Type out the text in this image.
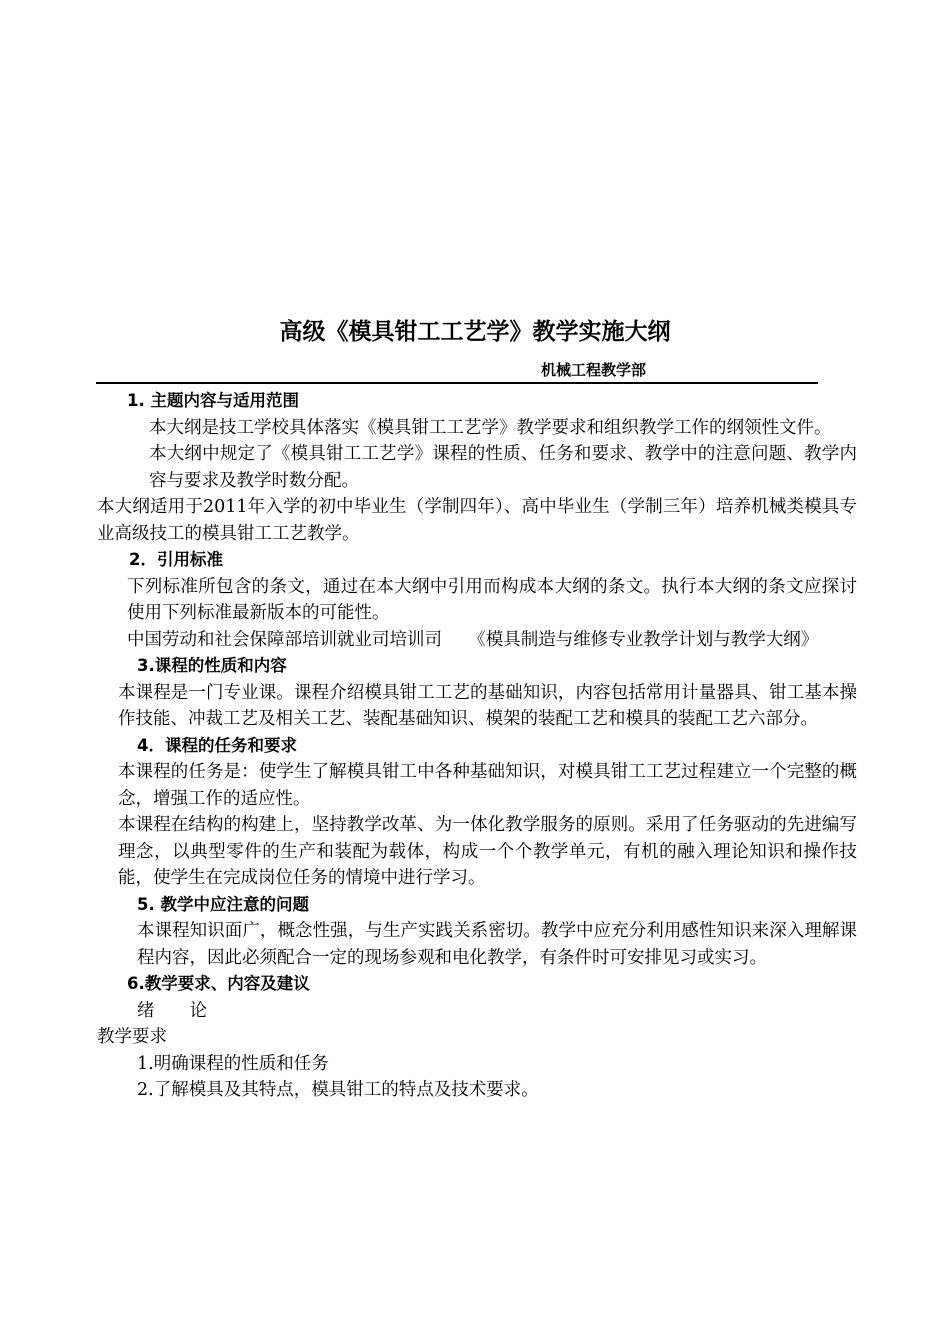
高级《模具钳工工艺学》教学实施大纲
机械工程教学部

1. 主题内容与适用范围

本大纲是技工学校具体落实《模具钳工工艺学》教学要求和组织教学工作的纲领性文件。

本大纲中规定了《模具钳工工艺学》课程的性质、任务和要求、教学中的注意问题、教学内容与要求及教学时数分配。

本大纲适用于2011年入学的初中毕业生（学制四年）、高中毕业生（学制三年）培养机械类模具专业高级技工的模具钳工工艺教学。

2．引用标准

下列标准所包含的条文，通过在本大纲中引用而构成本大纲的条文。执行本大纲的条文应探讨使用下列标准最新版本的可能性。

中国劳动和社会保障部培训就业司培训司　　《模具制造与维修专业教学计划与教学大纲》

3.课程的性质和内容

本课程是一门专业课。课程介绍模具钳工工艺的基础知识，内容包括常用计量器具、钳工基本操作技能、冲裁工艺及相关工艺、装配基础知识、模架的装配工艺和模具的装配工艺六部分。

4．课程的任务和要求

本课程的任务是：使学生了解模具钳工中各种基础知识，对模具钳工工艺过程建立一个完整的概念，增强工作的适应性。

本课程在结构的构建上，坚持教学改革、为一体化教学服务的原则。采用了任务驱动的先进编写理念，以典型零件的生产和装配为载体，构成一个个教学单元，有机的融入理论知识和操作技能，使学生在完成岗位任务的情境中进行学习。

5. 教学中应注意的问题

本课程知识面广，概念性强，与生产实践关系密切。教学中应充分利用感性知识来深入理解课程内容，因此必须配合一定的现场参观和电化教学，有条件时可安排见习或实习。

6.教学要求、内容及建议

绪　　论

教学要求

1.明确课程的性质和任务

2.了解模具及其特点，模具钳工的特点及技术要求。
